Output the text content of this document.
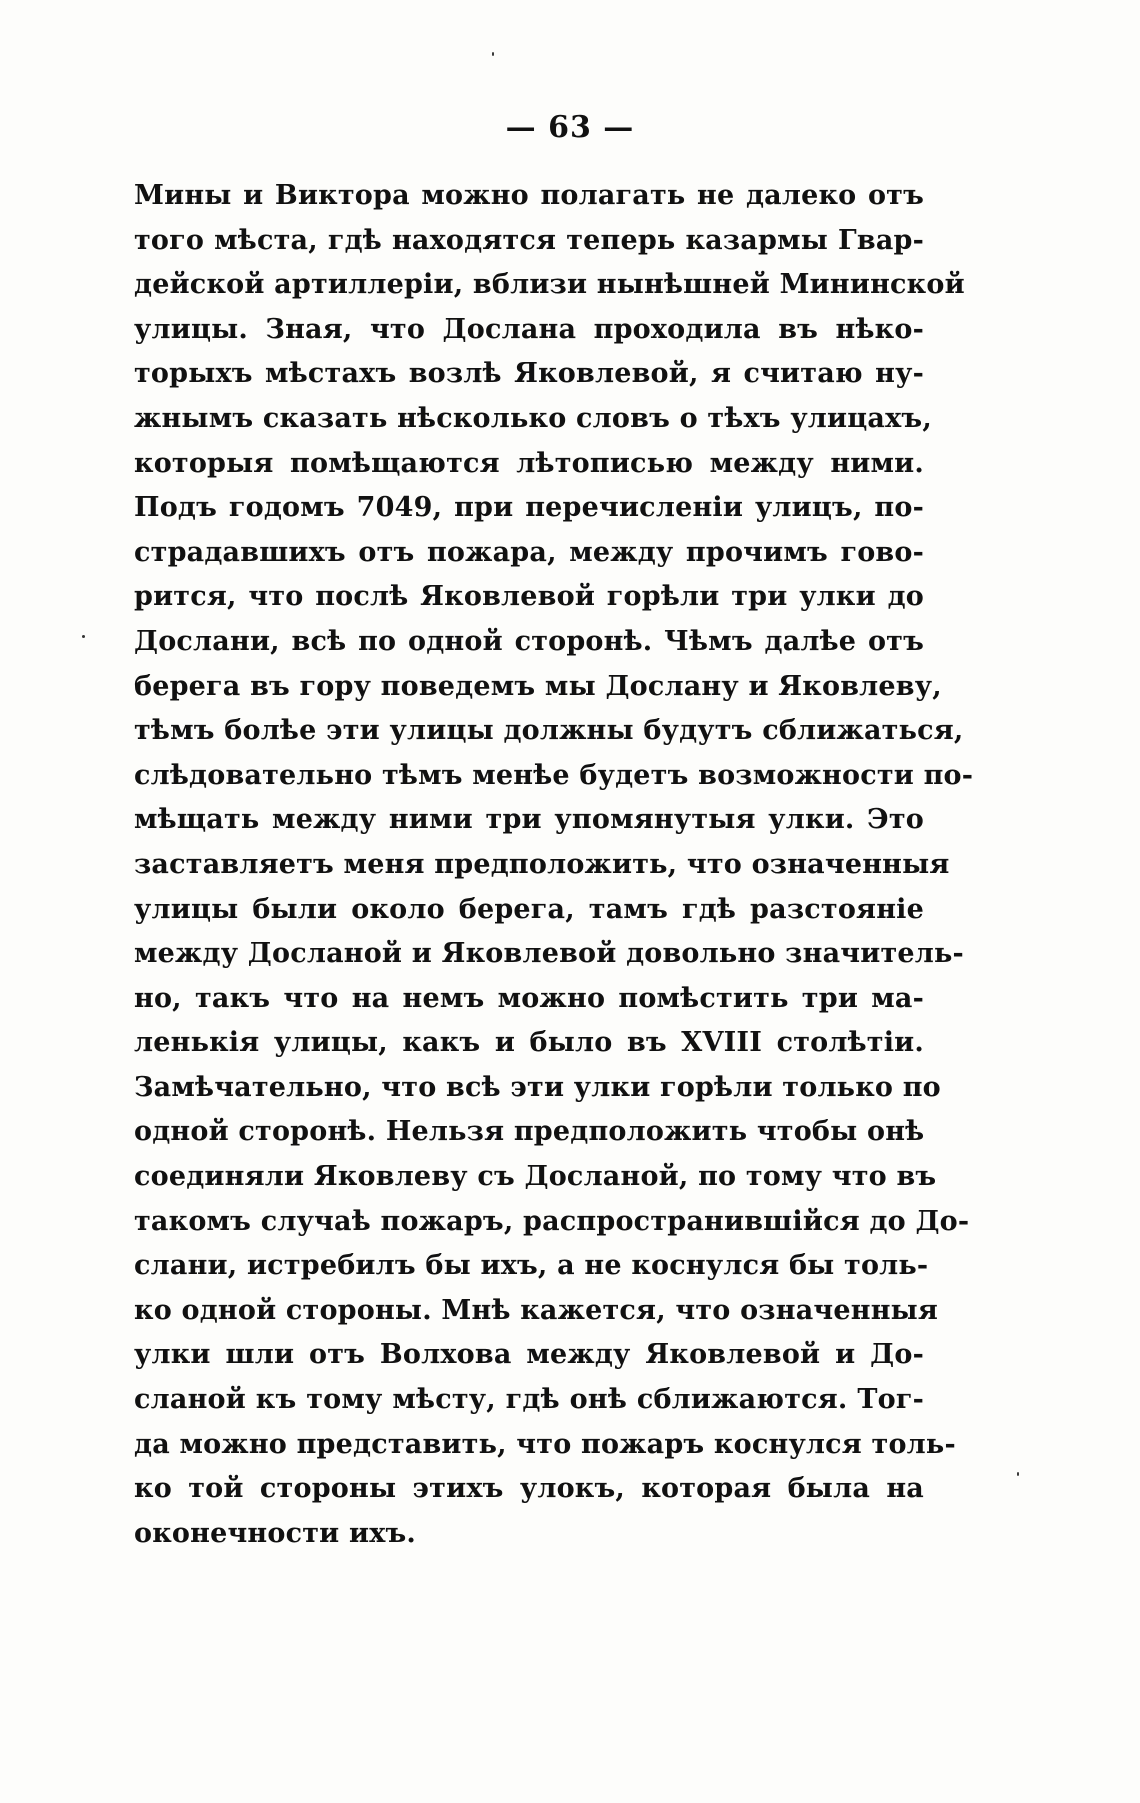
— 63 —
Мины и Виктора можно полагать не далеко отъ
того мѣста, гдѣ находятся теперь казармы Гвар-
дейской артиллеріи, вблизи нынѣшней Мининской
улицы. Зная, что Дослана проходила въ нѣко-
торыхъ мѣстахъ возлѣ Яковлевой, я считаю ну-
жнымъ сказать нѣсколько словъ о тѣхъ улицахъ,
которыя помѣщаются лѣтописью между ними.
Подъ годомъ 7049, при перечисленіи улицъ, по-
страдавшихъ отъ пожара, между прочимъ гово-
рится, что послѣ Яковлевой горѣли три улки до
Дослани, всѣ по одной сторонѣ. Чѣмъ далѣе отъ
берега въ гору поведемъ мы Дослану и Яковлеву,
тѣмъ болѣе эти улицы должны будутъ сближаться,
слѣдовательно тѣмъ менѣе будетъ возможности по-
мѣщать между ними три упомянутыя улки. Это
заставляетъ меня предположить, что означенныя
улицы были около берега, тамъ гдѣ разстояніе
между Досланой и Яковлевой довольно значитель-
но, такъ что на немъ можно помѣстить три ма-
ленькія улицы, какъ и было въ XVIII столѣтіи.
Замѣчательно, что всѣ эти улки горѣли только по
одной сторонѣ. Нельзя предположить чтобы онѣ
соединяли Яковлеву съ Досланой, по тому что въ
такомъ случаѣ пожаръ, распространившійся до До-
слани, истребилъ бы ихъ, а не коснулся бы толь-
ко одной стороны. Мнѣ кажется, что означенныя
улки шли отъ Волхова между Яковлевой и До-
сланой къ тому мѣсту, гдѣ онѣ сближаются. Тог-
да можно представить, что пожаръ коснулся толь-
ко той стороны этихъ улокъ, которая была на
оконечности ихъ.
